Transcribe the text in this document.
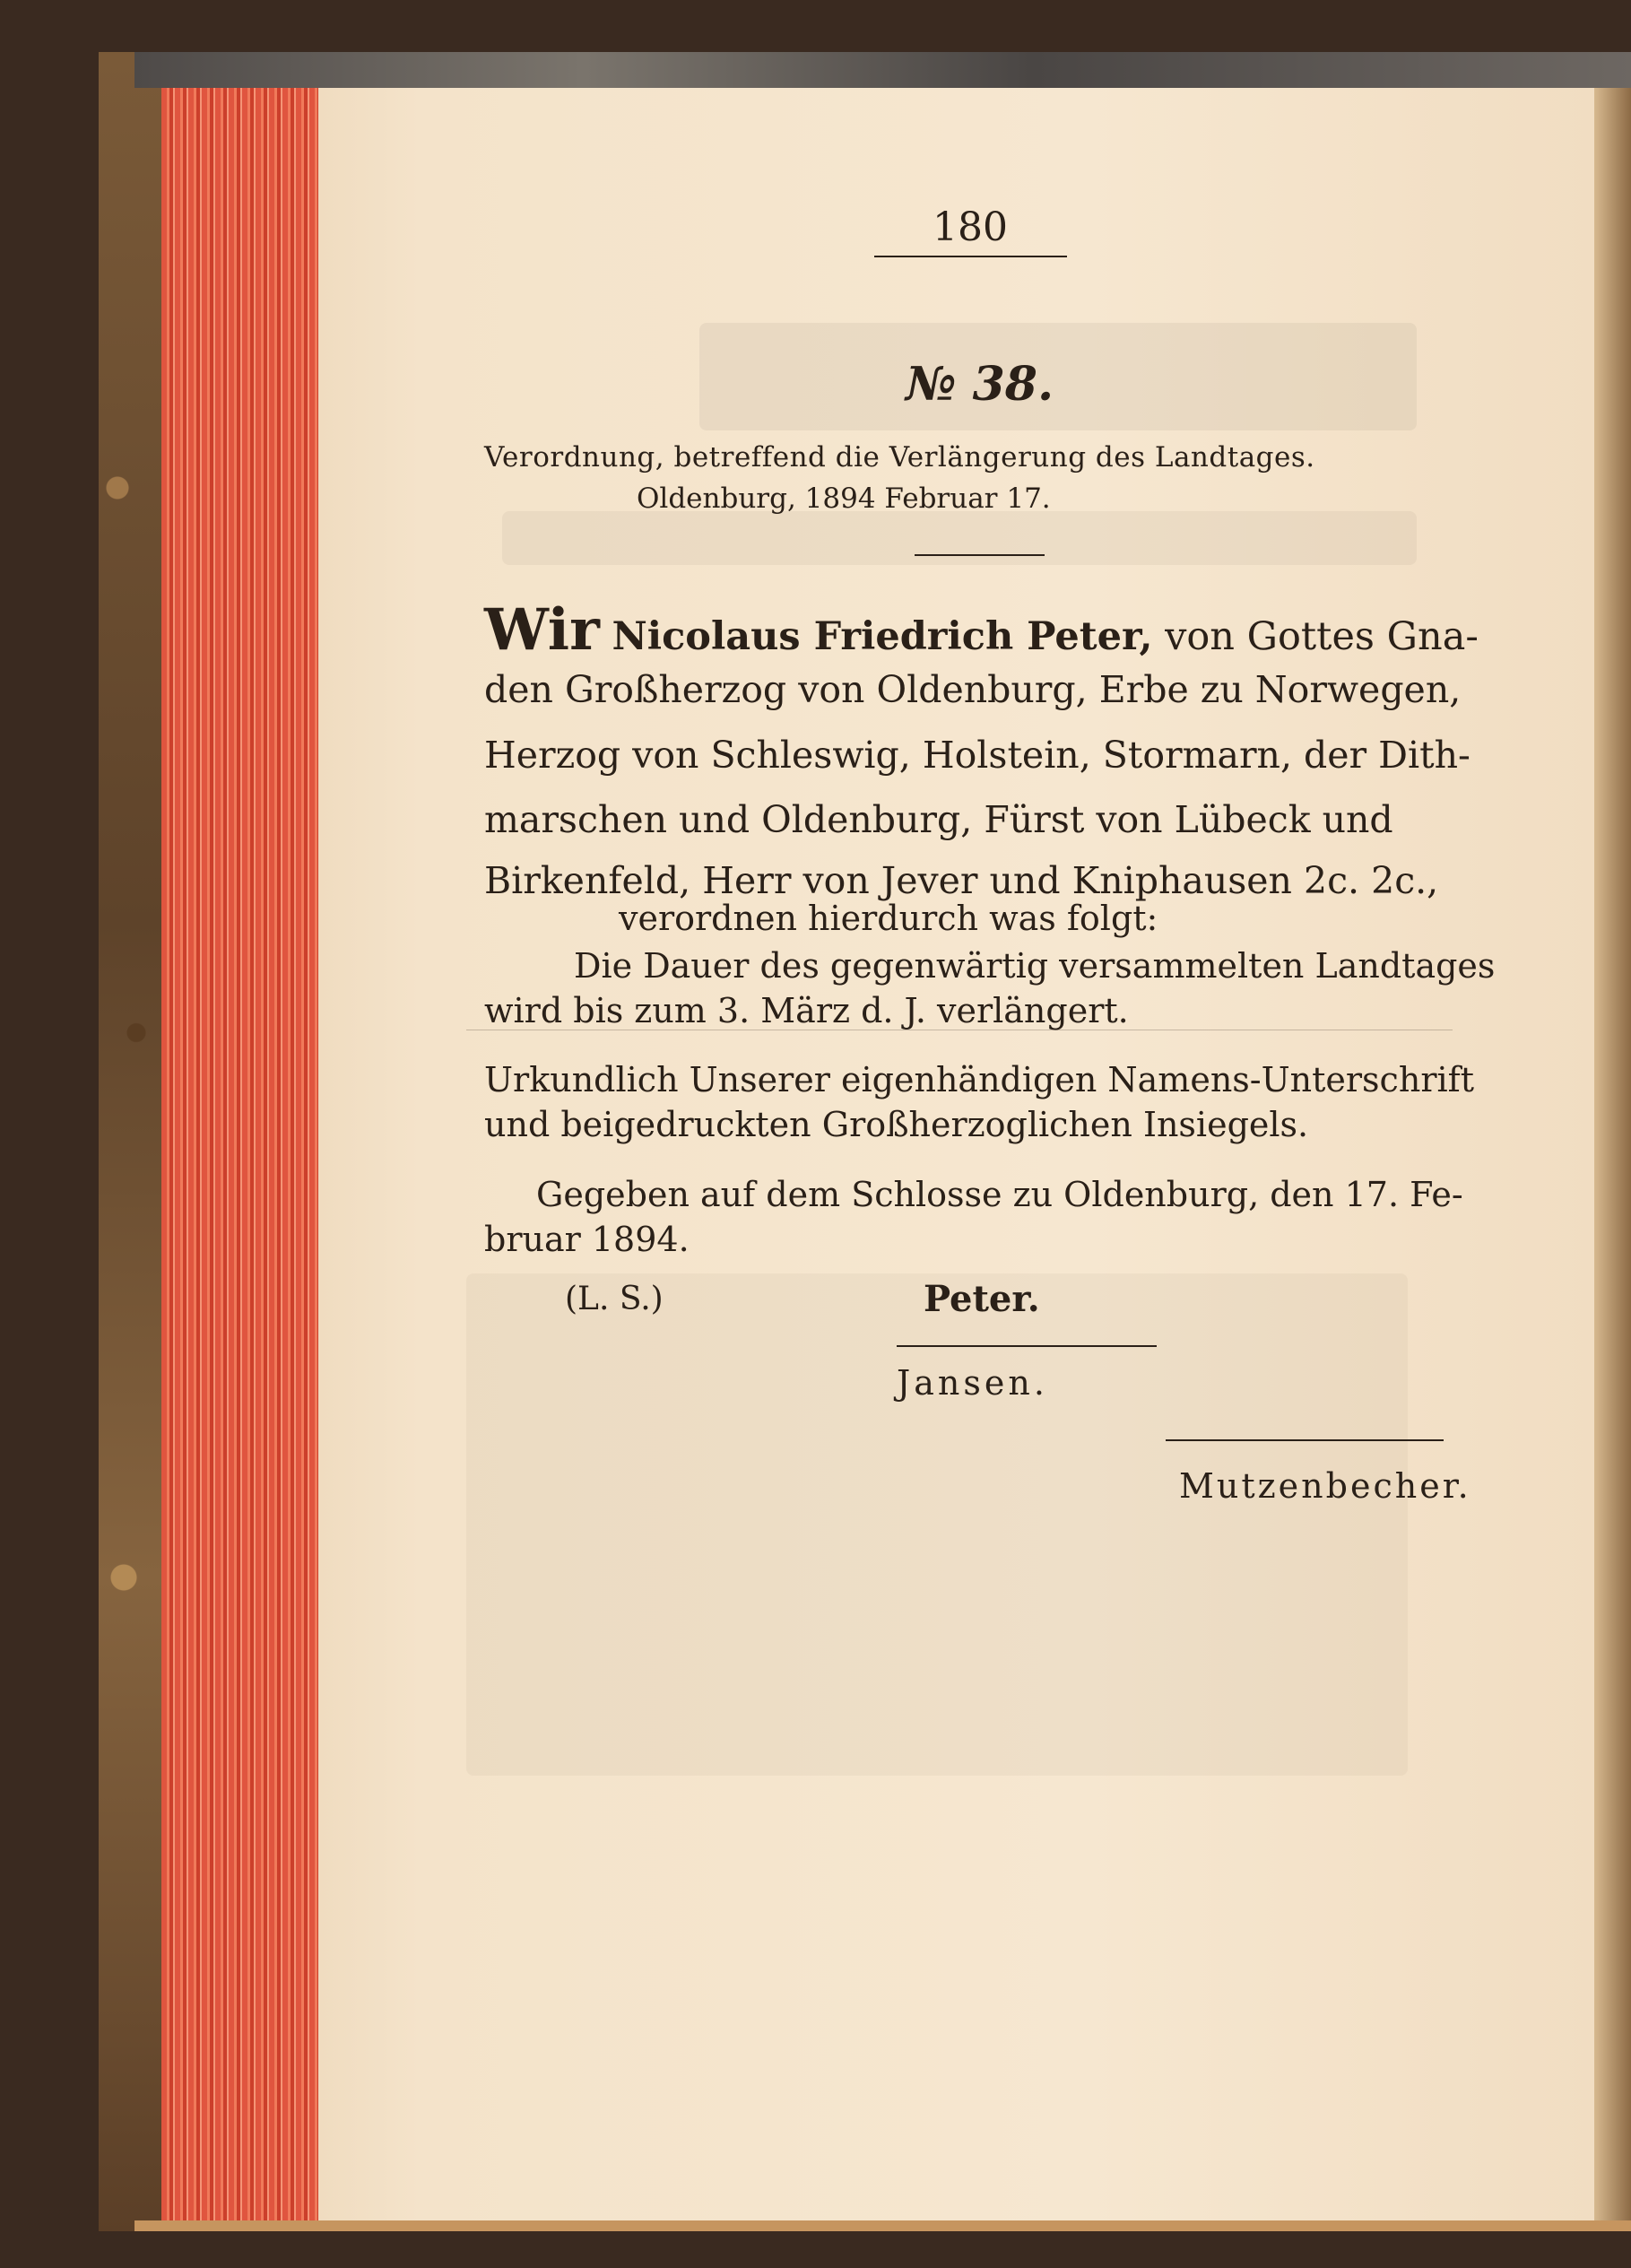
180
№ 38.
Verordnung, betreffend die Verlängerung des Landtages.
Oldenburg, 1894 Februar 17.
Wir Nicolaus Friedrich Peter, von Gottes Gna-
den Großherzog von Oldenburg, Erbe zu Norwegen,
Herzog von Schleswig, Holstein, Stormarn, der Dith-
marschen und Oldenburg, Fürst von Lübeck und
Birkenfeld, Herr von Jever und Kniphausen 2c. 2c.,
verordnen hierdurch was folgt:
Die Dauer des gegenwärtig versammelten Landtages
wird bis zum 3. März d. J. verlängert.
Urkundlich Unserer eigenhändigen Namens-Unterschrift
und beigedruckten Großherzoglichen Insiegels.
Gegeben auf dem Schlosse zu Oldenburg, den 17. Fe-
bruar 1894.
(L. S.)	Peter.
Jansen.
Mutzenbecher.
